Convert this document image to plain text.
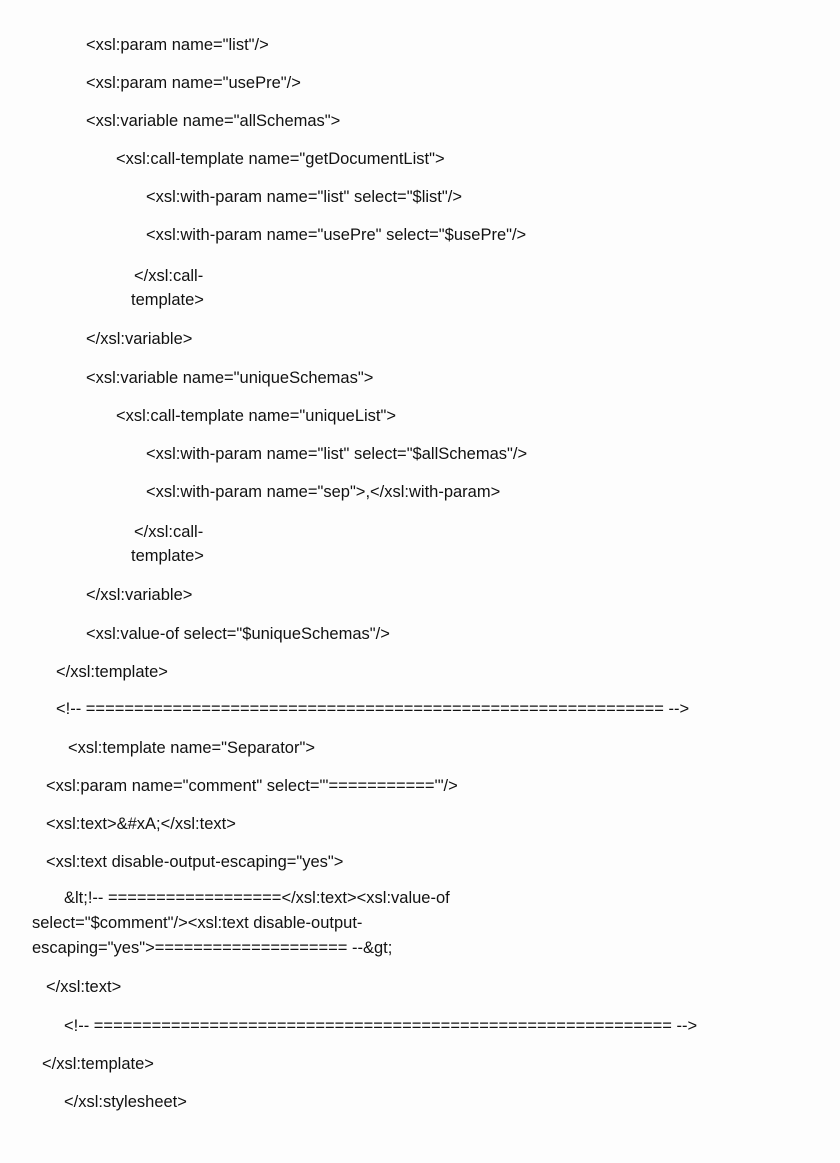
<xsl:param name="list"/>
<xsl:param name="usePre"/>
<xsl:variable name="allSchemas">
<xsl:call-template name="getDocumentList">
<xsl:with-param name="list" select="$list"/>
<xsl:with-param name="usePre" select="$usePre"/>
</xsl:call-
template>
</xsl:variable>
<xsl:variable name="uniqueSchemas">
<xsl:call-template name="uniqueList">
<xsl:with-param name="list" select="$allSchemas"/>
<xsl:with-param name="sep">,</xsl:with-param>
</xsl:call-
template>
</xsl:variable>
<xsl:value-of select="$uniqueSchemas"/>
</xsl:template>
<!-- ============================================================ -->
<xsl:template name="Separator">
<xsl:param name="comment" select="'==========='"/>
<xsl:text>&#xA;</xsl:text>
<xsl:text disable-output-escaping="yes">
&lt;!-- ==================</xsl:text><xsl:value-of
select="$comment"/><xsl:text disable-output-
escaping="yes">==================== --&gt;
</xsl:text>
<!-- ============================================================ -->
</xsl:template>
</xsl:stylesheet>
